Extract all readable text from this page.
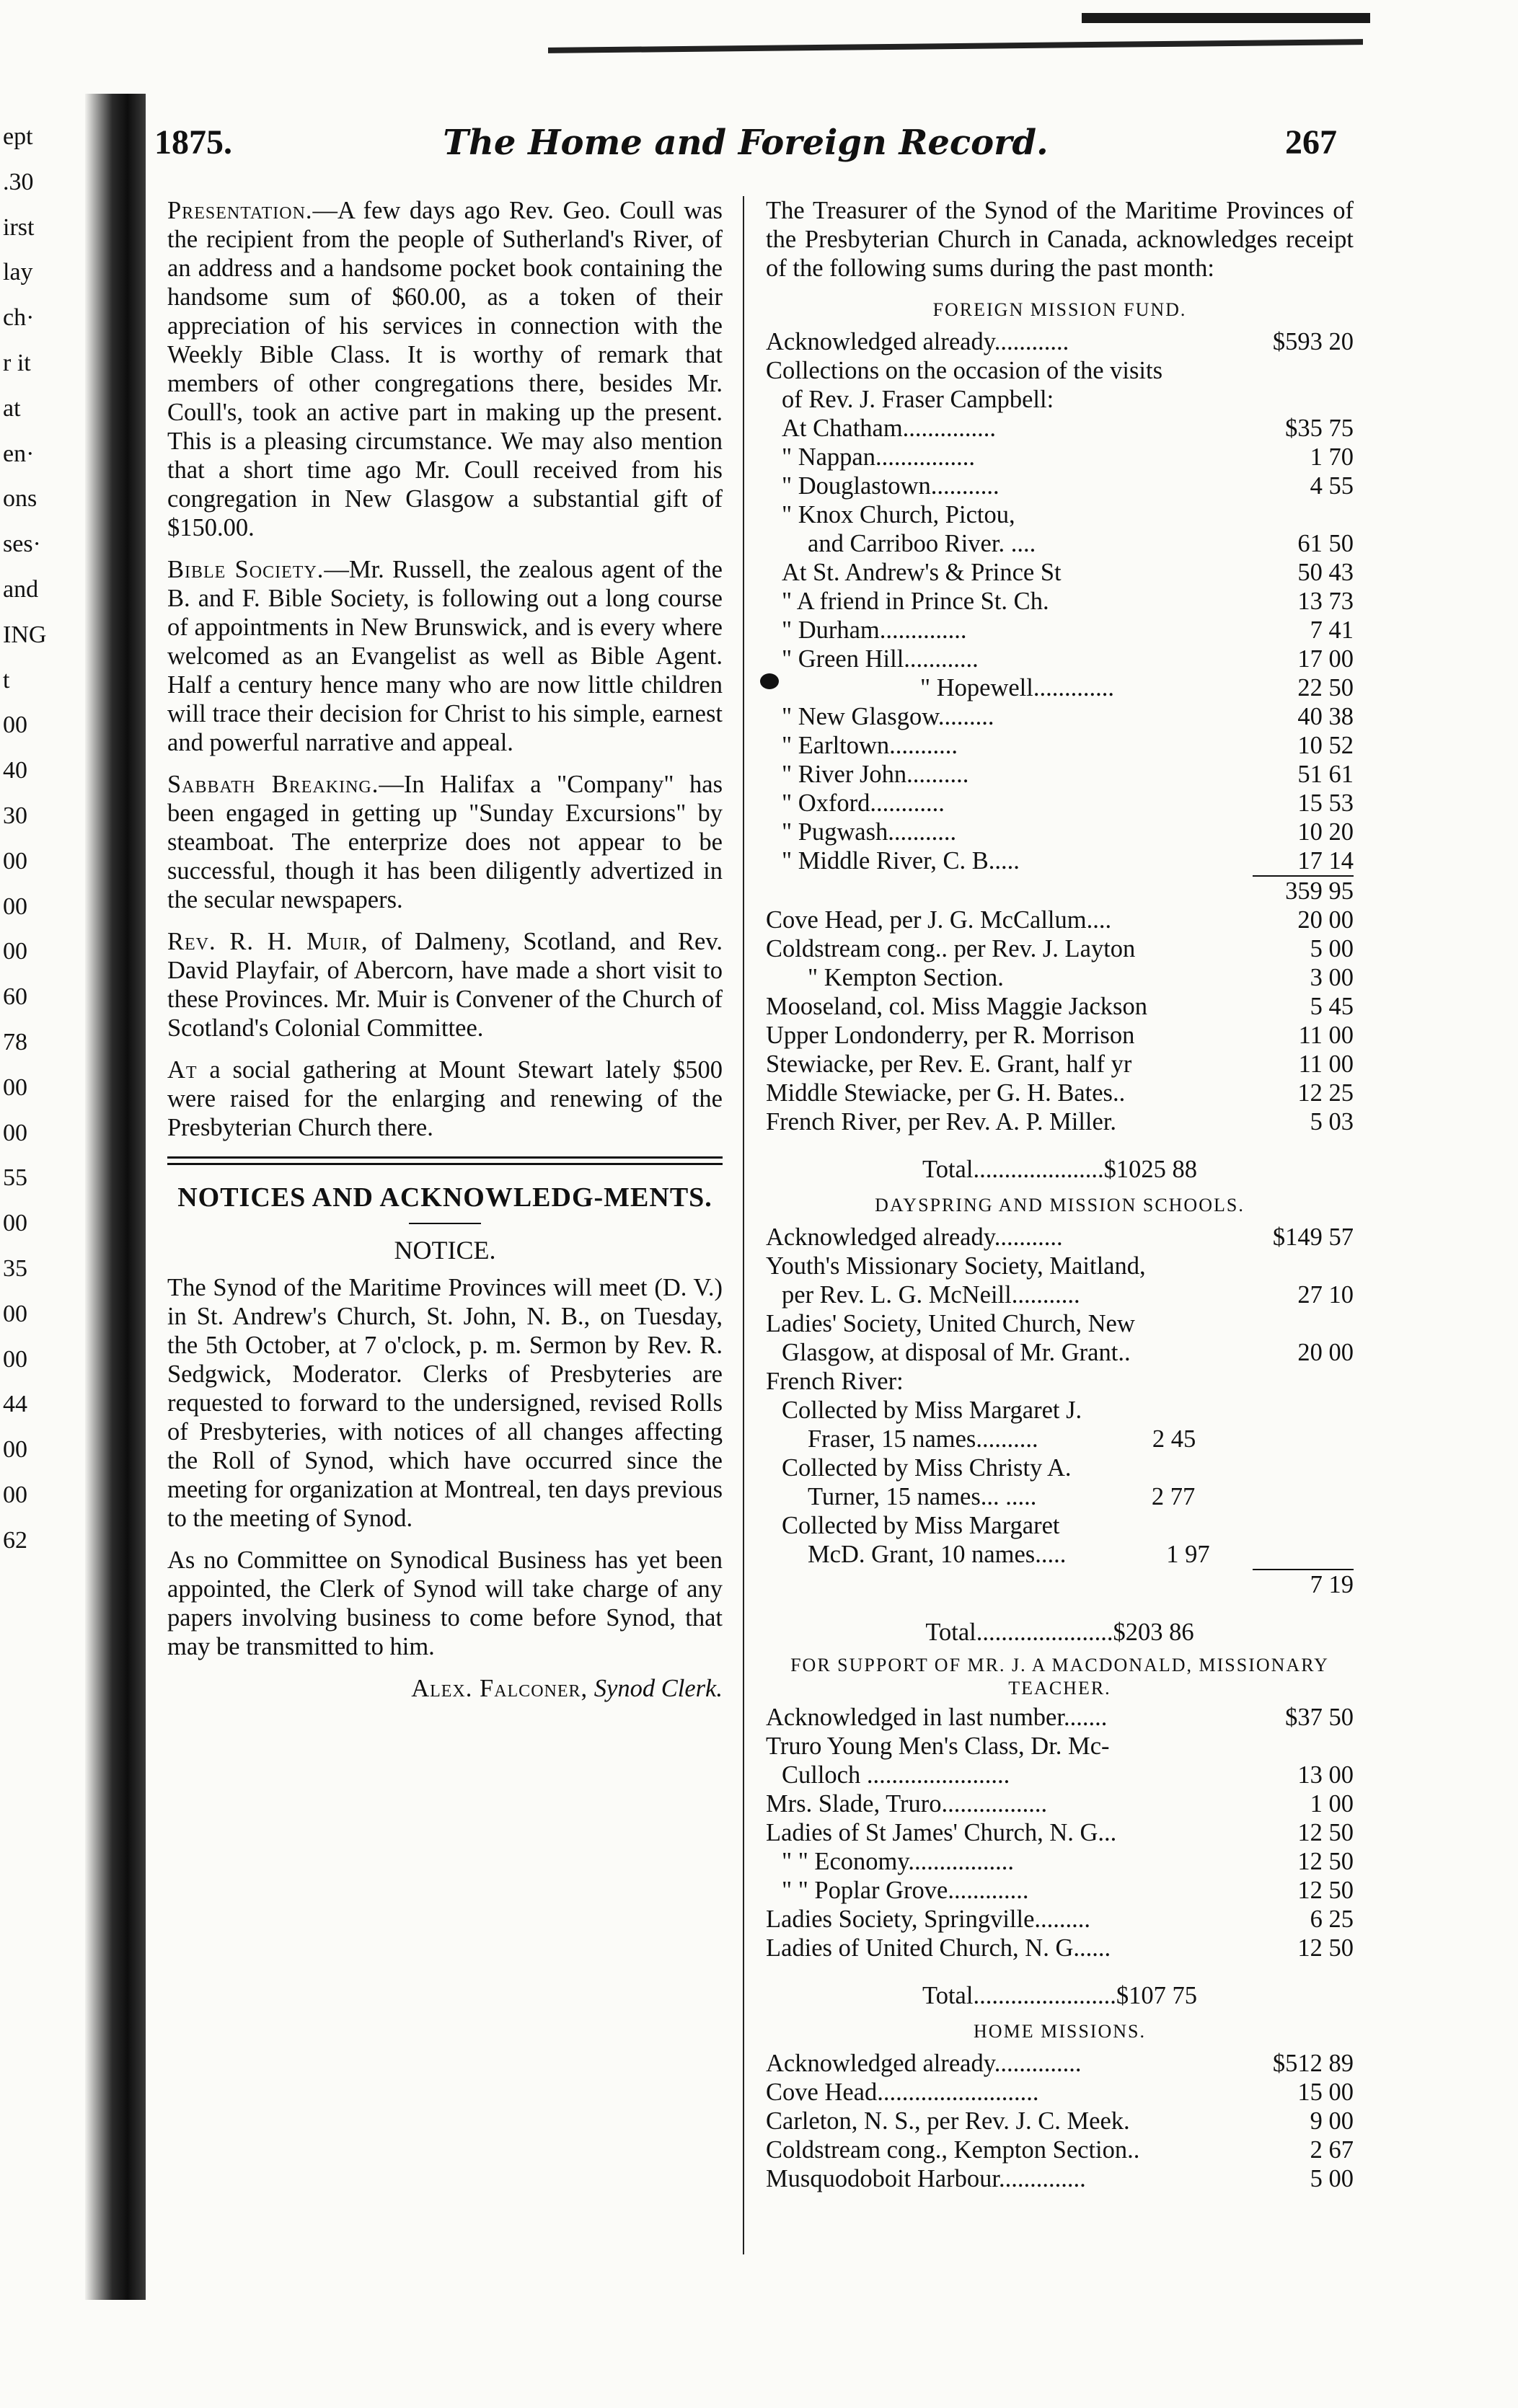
ept
.30
irst
lay
ch·
r it
at
en·
ons
ses·
and
ING
t
00
40
30
00
00
00
60
78
00
00
55
00
35
00
00
44
00
00
62
1875.	The Home and Foreign Record.	267

Presentation.—A few days ago Rev. Geo. Coull was the recipient from the people of Sutherland's River, of an address and a handsome pocket book containing the handsome sum of $60.00, as a token of their appreciation of his services in connection with the Weekly Bible Class. It is worthy of remark that members of other congregations there, besides Mr. Coull's, took an active part in making up the present. This is a pleasing circumstance. We may also mention that a short time ago Mr. Coull received from his congregation in New Glasgow a substantial gift of $150.00.

Bible Society.—Mr. Russell, the zealous agent of the B. and F. Bible Society, is following out a long course of appointments in New Brunswick, and is every where welcomed as an Evangelist as well as Bible Agent. Half a century hence many who are now little children will trace their decision for Christ to his simple, earnest and powerful narrative and appeal.

Sabbath Breaking.—In Halifax a "Company" has been engaged in getting up "Sunday Excursions" by steamboat. The enterprize does not appear to be successful, though it has been diligently advertized in the secular newspapers.

Rev. R. H. Muir, of Dalmeny, Scotland, and Rev. David Playfair, of Abercorn, have made a short visit to these Provinces. Mr. Muir is Convener of the Church of Scotland's Colonial Committee.

At a social gathering at Mount Stewart lately $500 were raised for the enlarging and renewing of the Presbyterian Church there.

NOTICES AND ACKNOWLEDG-MENTS.
NOTICE.

The Synod of the Maritime Provinces will meet (D. V.) in St. Andrew's Church, St. John, N. B., on Tuesday, the 5th October, at 7 o'clock, p. m. Sermon by Rev. R. Sedgwick, Moderator. Clerks of Presbyteries are requested to forward to the undersigned, revised Rolls of Presbyteries, with notices of all changes affecting the Roll of Synod, which have occurred since the meeting for organization at Montreal, ten days previous to the meeting of Synod.

As no Committee on Synodical Business has yet been appointed, the Clerk of Synod will take charge of any papers involving business to come before Synod, that may be transmitted to him.

Alex. Falconer, Synod Clerk.

The Treasurer of the Synod of the Maritime Provinces of the Presbyterian Church in Canada, acknowledges receipt of the following sums during the past month:

FOREIGN MISSION FUND.
Acknowledged already............	$593 20
Collections on the occasion of the visits
of Rev. J. Fraser Campbell:
At Chatham...............	$35 75
" Nappan................	1 70
" Douglastown...........	4 55
" Knox Church, Pictou,
and Carriboo River. ....	61 50
At St. Andrew's & Prince St	50 43
" A friend in Prince St. Ch.	13 73
" Durham..............	7 41
" Green Hill............	17 00
" Hopewell.............	22 50
" New Glasgow.........	40 38
" Earltown...........	10 52
" River John..........	51 61
" Oxford............	15 53
" Pugwash...........	10 20
" Middle River, C. B.....	17 14
359 95
Cove Head, per J. G. McCallum....	20 00
Coldstream cong.. per Rev. J. Layton	5 00
" Kempton Section.	3 00
Mooseland, col. Miss Maggie Jackson	5 45
Upper Londonderry, per R. Morrison	11 00
Stewiacke, per Rev. E. Grant, half yr	11 00
Middle Stewiacke, per G. H. Bates..	12 25
French River, per Rev. A. P. Miller.	5 03
Total.....................$1025 88
DAYSPRING AND MISSION SCHOOLS.
Acknowledged already...........	$149 57
Youth's Missionary Society, Maitland,
per Rev. L. G. McNeill...........	27 10
Ladies' Society, United Church, New
Glasgow, at disposal of Mr. Grant..	20 00
French River:
Collected by Miss Margaret J.
Fraser, 15 names..........	2 45
Collected by Miss Christy A.
Turner, 15 names... .....	2 77
Collected by Miss Margaret
McD. Grant, 10 names.....	1 97
7 19
Total......................$203 86
FOR SUPPORT OF MR. J. A MACDONALD, MISSIONARY TEACHER.
Acknowledged in last number.......	$37 50
Truro Young Men's Class, Dr. Mc-
Culloch .......................	13 00
Mrs. Slade, Truro.................	1 00
Ladies of St James' Church, N. G...	12 50
" " Economy.................	12 50
" " Poplar Grove.............	12 50
Ladies Society, Springville.........	6 25
Ladies of United Church, N. G......	12 50
Total.......................$107 75
HOME MISSIONS.
Acknowledged already..............	$512 89
Cove Head..........................	15 00
Carleton, N. S., per Rev. J. C. Meek.	9 00
Coldstream cong., Kempton Section..	2 67
Musquodoboit Harbour..............	5 00
